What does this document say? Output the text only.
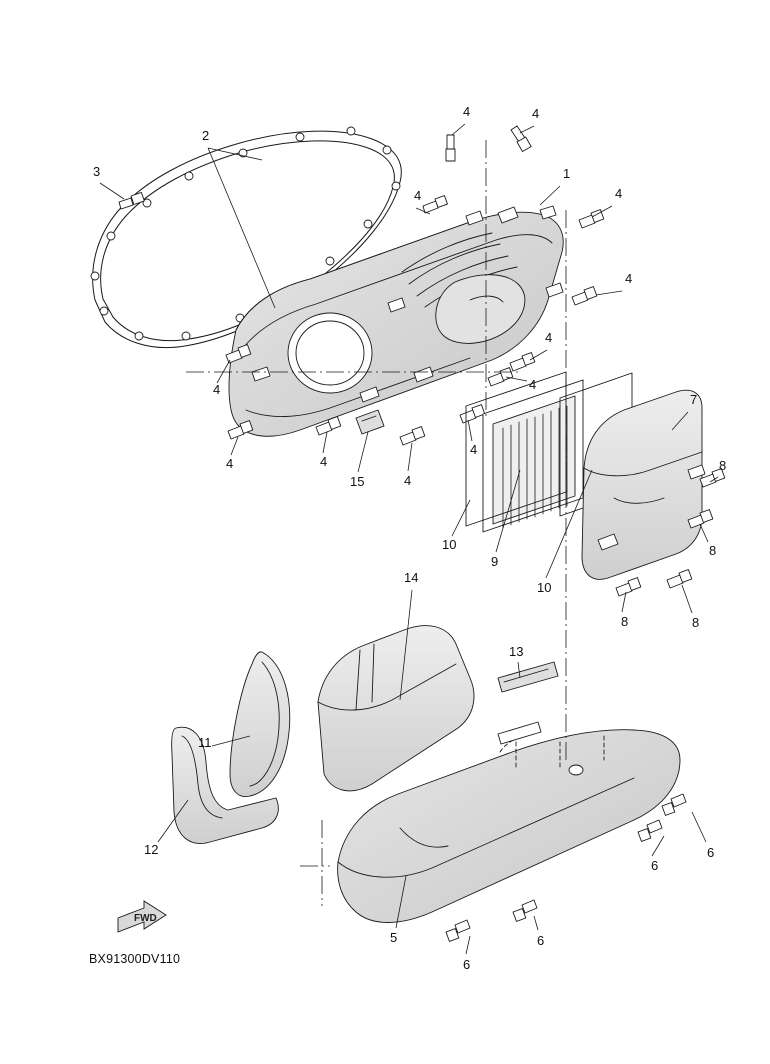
3
2
4	4
1
4	4
4
4
4
4
4	4
15	4
4
7
8
8
8	8
10
9
10
14
13
11
12	6
6
5	6
6
FWD
BX91300DV110
